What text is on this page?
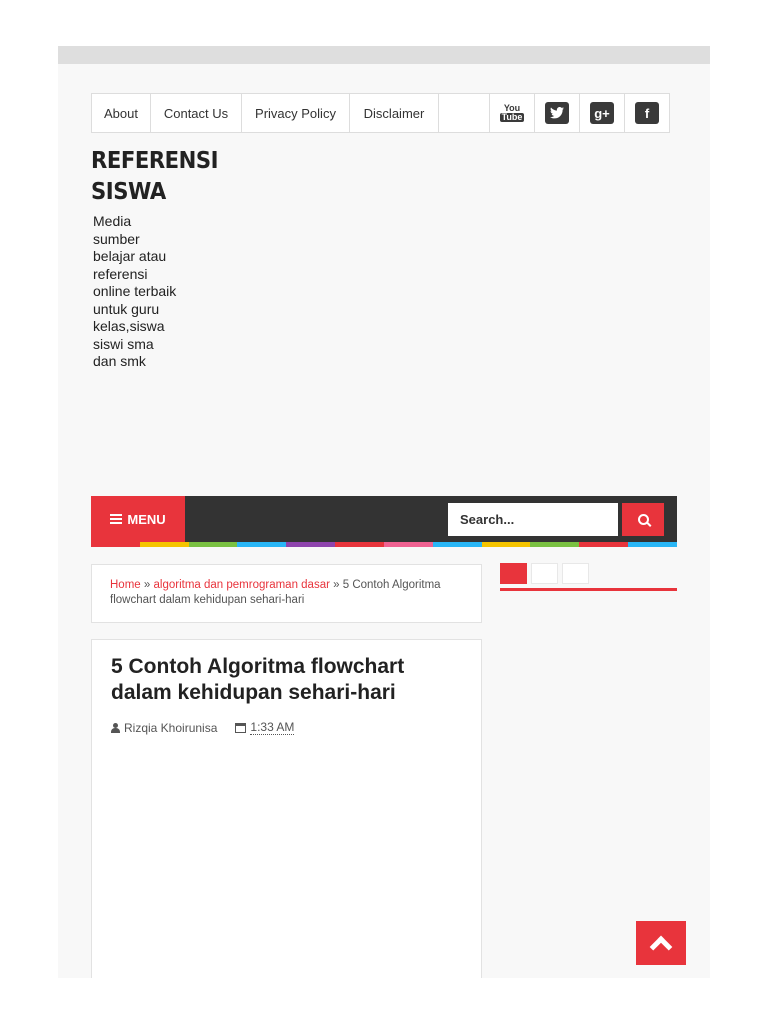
About	Contact Us	Privacy Policy	Disclaimer	You
Tube	g+	f
REFERENSI
SISWA
Media sumber belajar atau referensi online terbaik untuk guru kelas,siswa siswi sma dan smk
MENU
Search...
Home » algoritma dan pemrograman dasar » 5 Contoh Algoritma flowchart dalam kehidupan sehari-hari
5 Contoh Algoritma flowchart dalam kehidupan sehari-hari
Rizqia Khoirunisa	1:33 AM
